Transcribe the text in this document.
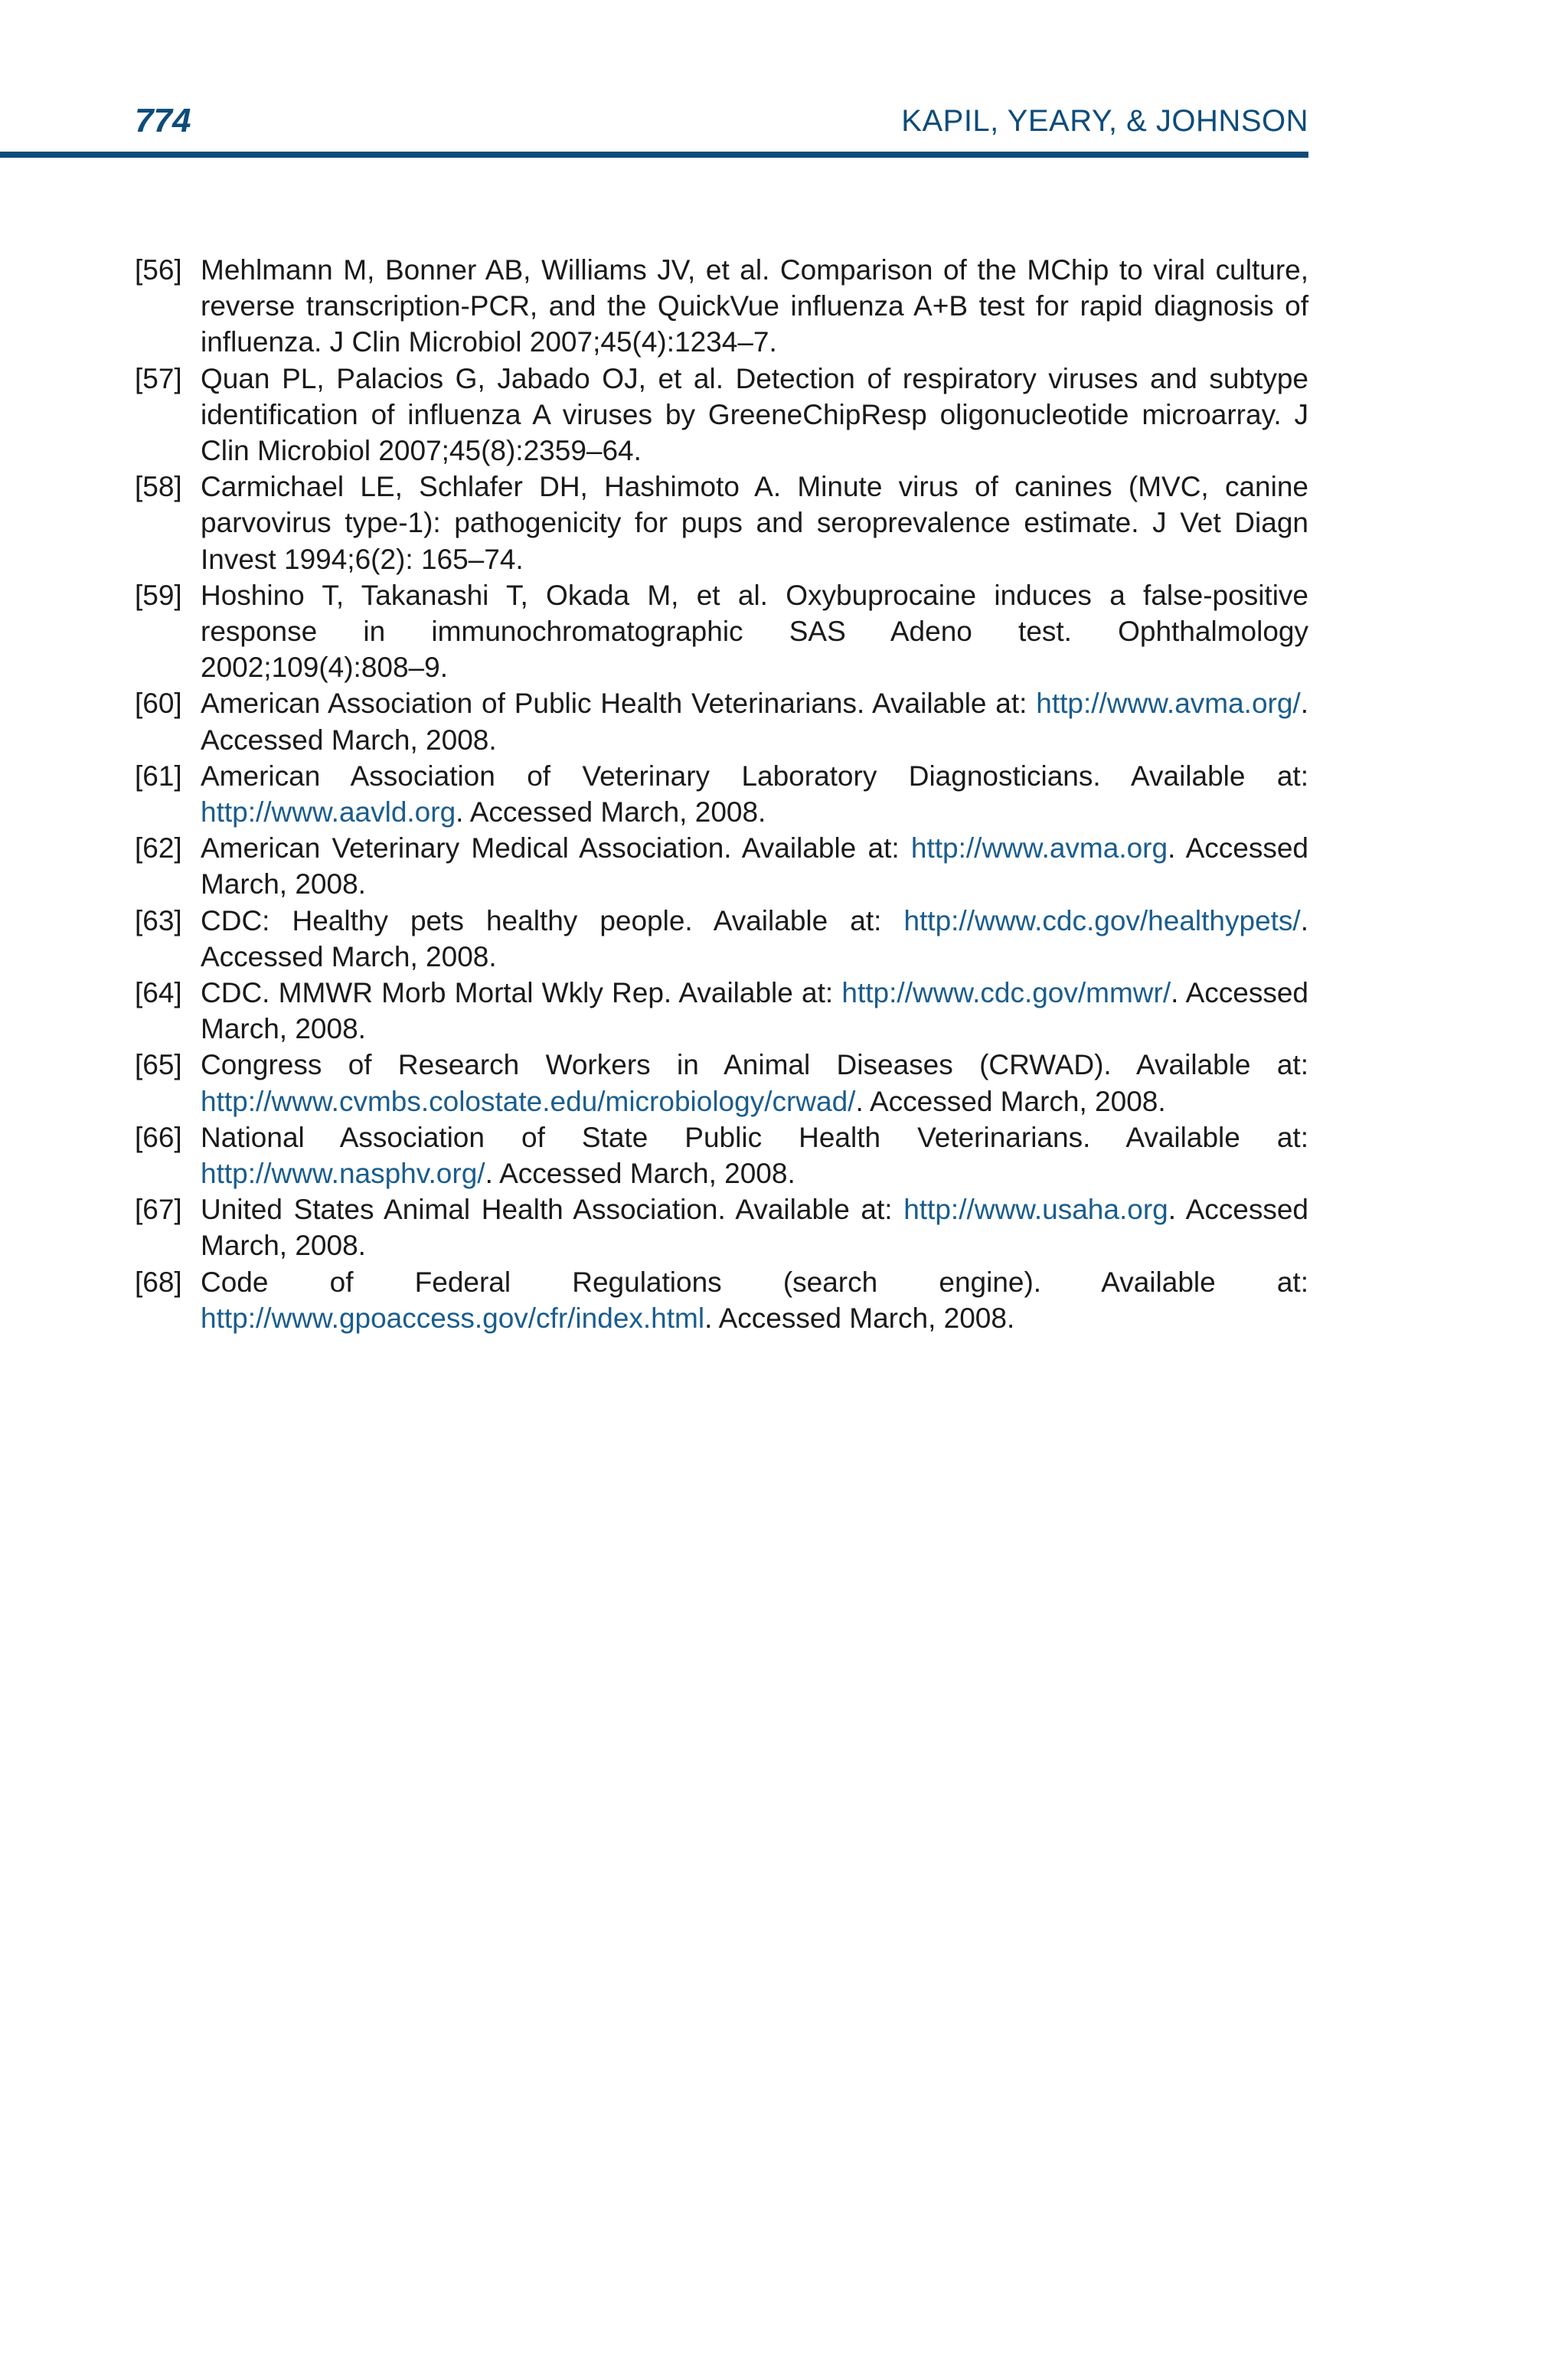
774	KAPIL, YEARY, & JOHNSON
[56] Mehlmann M, Bonner AB, Williams JV, et al. Comparison of the MChip to viral culture, reverse transcription-PCR, and the QuickVue influenza A+B test for rapid diagnosis of influenza. J Clin Microbiol 2007;45(4):1234–7.
[57] Quan PL, Palacios G, Jabado OJ, et al. Detection of respiratory viruses and subtype identification of influenza A viruses by GreeneChipResp oligonucleotide microarray. J Clin Microbiol 2007;45(8):2359–64.
[58] Carmichael LE, Schlafer DH, Hashimoto A. Minute virus of canines (MVC, canine parvovirus type-1): pathogenicity for pups and seroprevalence estimate. J Vet Diagn Invest 1994;6(2): 165–74.
[59] Hoshino T, Takanashi T, Okada M, et al. Oxybuprocaine induces a false-positive response in immunochromatographic SAS Adeno test. Ophthalmology 2002;109(4):808–9.
[60] American Association of Public Health Veterinarians. Available at: http://www.avma.org/. Accessed March, 2008.
[61] American Association of Veterinary Laboratory Diagnosticians. Available at: http://www.aavld.org. Accessed March, 2008.
[62] American Veterinary Medical Association. Available at: http://www.avma.org. Accessed March, 2008.
[63] CDC: Healthy pets healthy people. Available at: http://www.cdc.gov/healthypets/. Accessed March, 2008.
[64] CDC. MMWR Morb Mortal Wkly Rep. Available at: http://www.cdc.gov/mmwr/. Accessed March, 2008.
[65] Congress of Research Workers in Animal Diseases (CRWAD). Available at: http://www.cvmbs.colostate.edu/microbiology/crwad/. Accessed March, 2008.
[66] National Association of State Public Health Veterinarians. Available at: http://www.nasphv.org/. Accessed March, 2008.
[67] United States Animal Health Association. Available at: http://www.usaha.org. Accessed March, 2008.
[68] Code of Federal Regulations (search engine). Available at: http://www.gpoaccess.gov/cfr/index.html. Accessed March, 2008.
